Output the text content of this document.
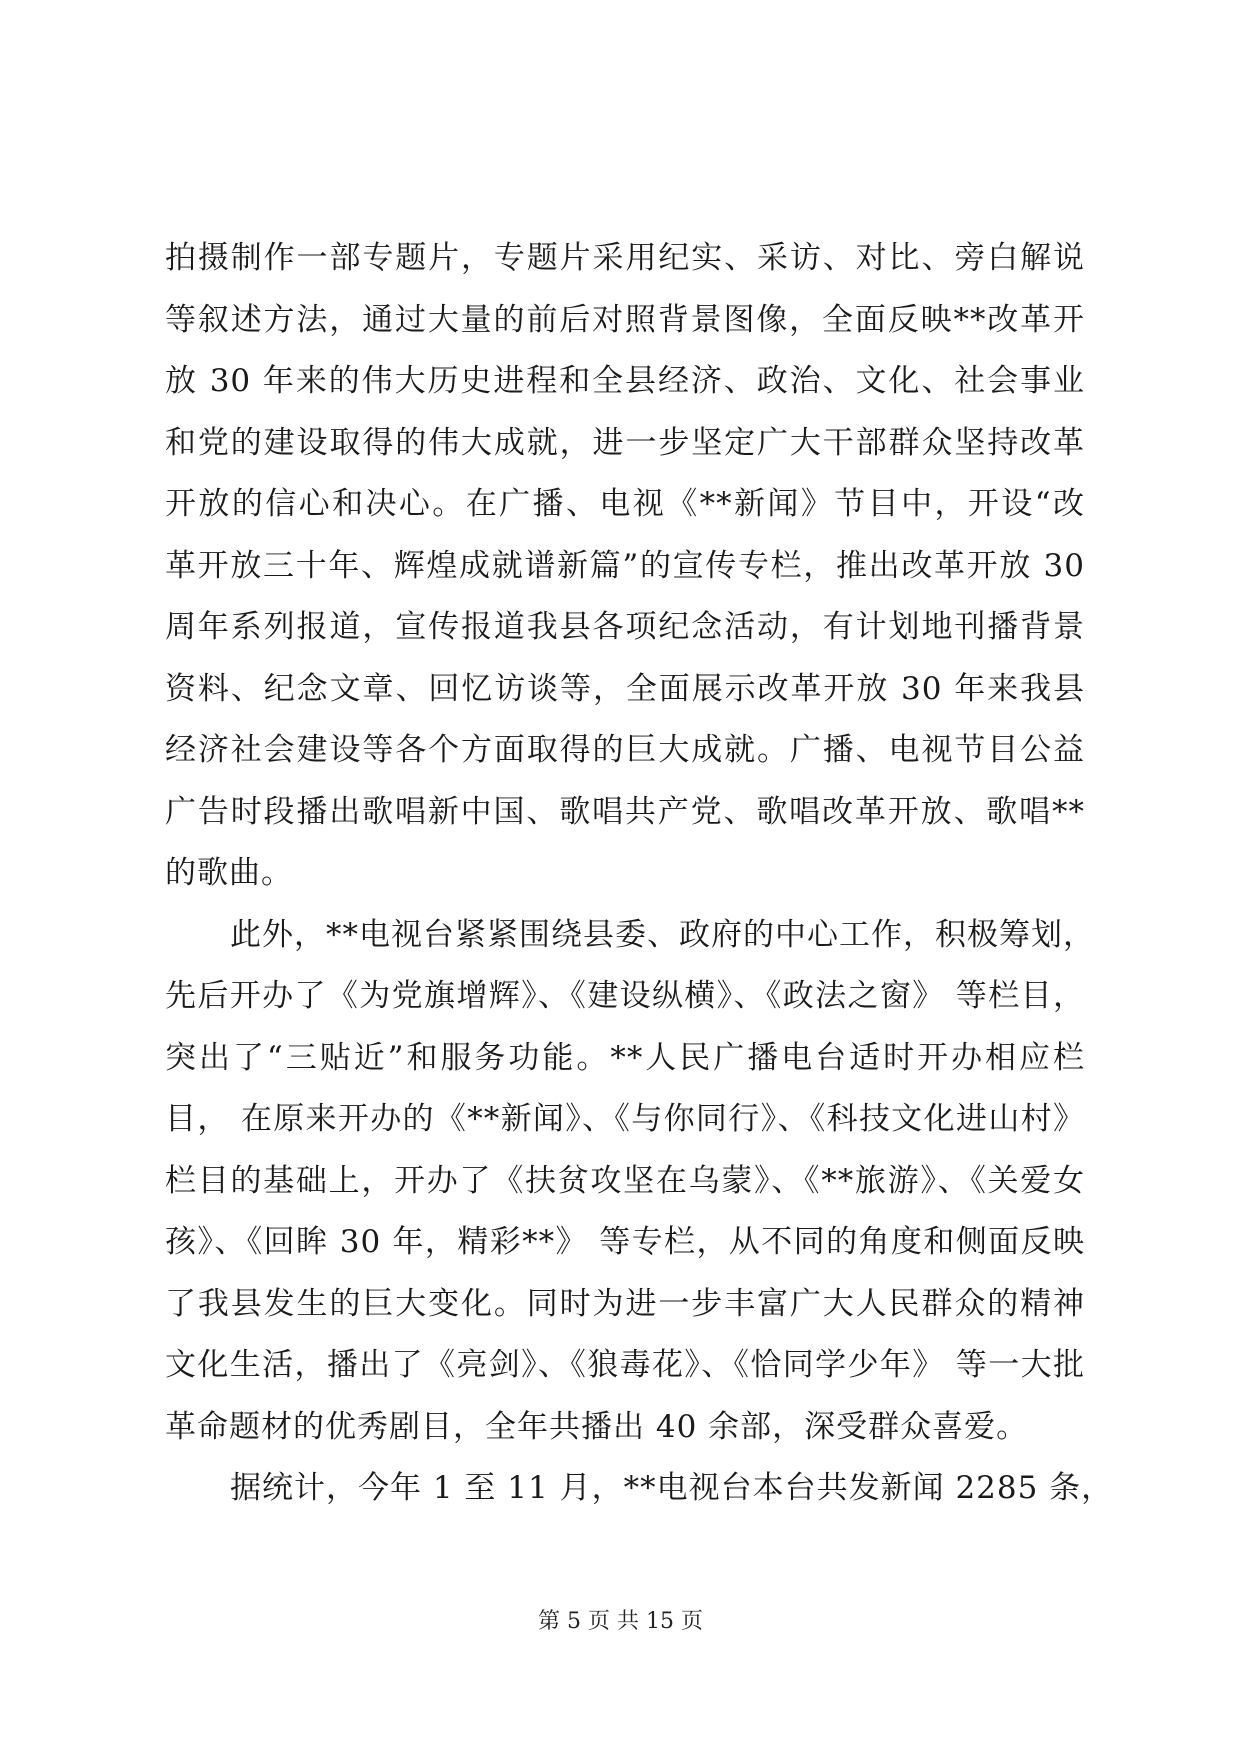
拍摄制作一部专题片，专题片采用纪实、采访、对比、旁白解说
等叙述方法，通过大量的前后对照背景图像，全面反映**改革开
放 30 年来的伟大历史进程和全县经济、政治、文化、社会事业
和党的建设取得的伟大成就，进一步坚定广大干部群众坚持改革
开放的信心和决心。在广播、电视《**新闻》节目中，开设“改
革开放三十年、辉煌成就谱新篇”的宣传专栏，推出改革开放 30
周年系列报道，宣传报道我县各项纪念活动，有计划地刊播背景
资料、纪念文章、回忆访谈等，全面展示改革开放 30 年来我县
经济社会建设等各个方面取得的巨大成就。广播、电视节目公益
广告时段播出歌唱新中国、歌唱共产党、歌唱改革开放、歌唱**
的歌曲。
此外，**电视台紧紧围绕县委、政府的中心工作，积极筹划，
先后开办了《为党旗增辉》、《建设纵横》、《政法之窗》 等栏目，
突出了“三贴近”和服务功能。**人民广播电台适时开办相应栏
目， 在原来开办的《**新闻》、《与你同行》、《科技文化进山村》
栏目的基础上，开办了《扶贫攻坚在乌蒙》、《**旅游》、《关爱女
孩》、《回眸 30 年，精彩**》 等专栏，从不同的角度和侧面反映
了我县发生的巨大变化。同时为进一步丰富广大人民群众的精神
文化生活，播出了《亮剑》、《狼毒花》、《恰同学少年》 等一大批
革命题材的优秀剧目，全年共播出 40 余部，深受群众喜爱。
据统计，今年 1 至 11 月，**电视台本台共发新闻 2285 条，
第 5 页 共 15 页
